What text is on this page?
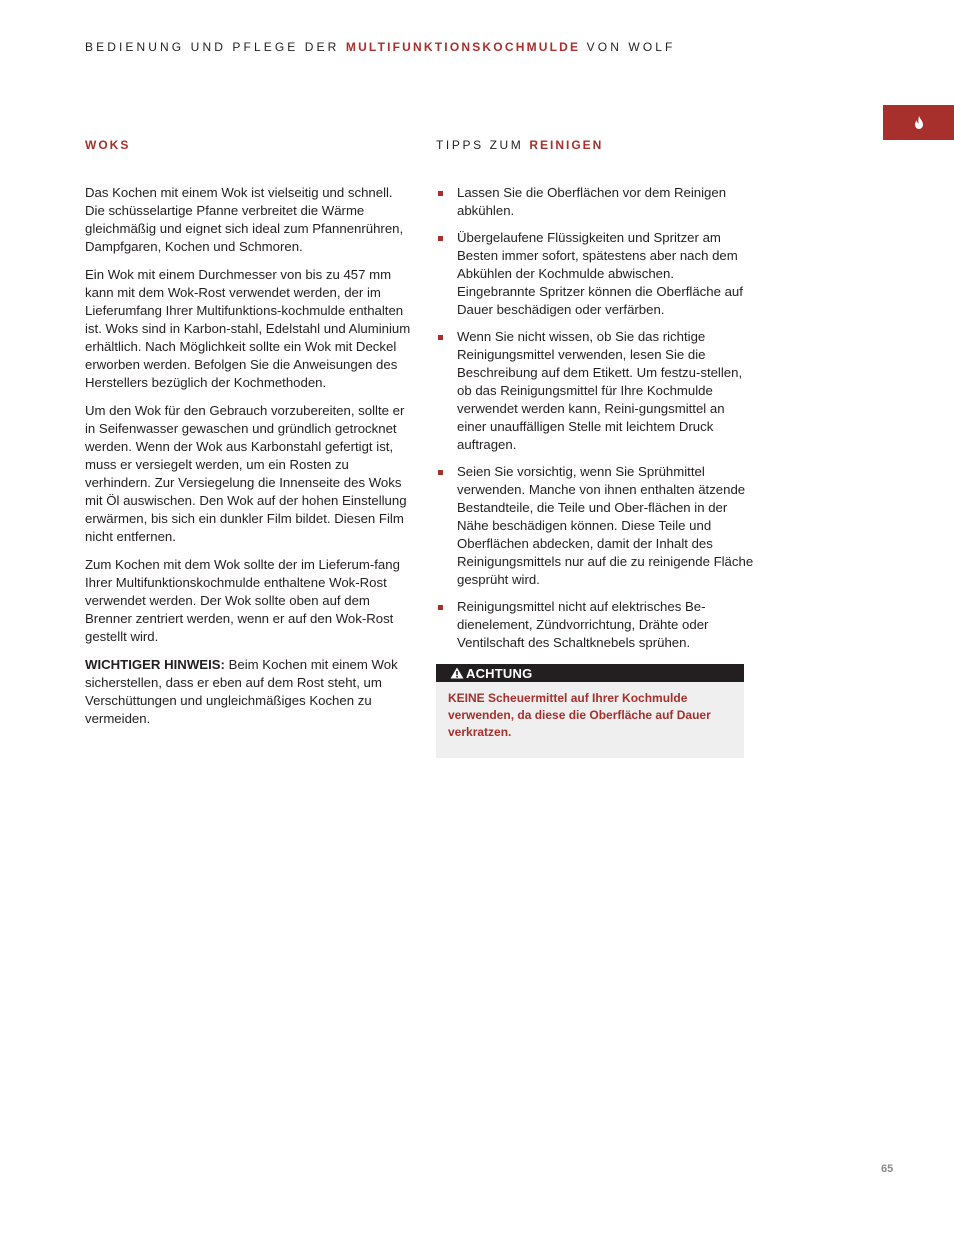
BEDIENUNG UND PFLEGE DER MULTIFUNKTIONSKOCHMULDE VON WOLF
WOKS

Das Kochen mit einem Wok ist vielseitig und schnell. Die schüsselartige Pfanne verbreitet die Wärme gleichmäßig und eignet sich ideal zum Pfannenrühren, Dampfgaren, Kochen und Schmoren.

Ein Wok mit einem Durchmesser von bis zu 457 mm kann mit dem Wok-Rost verwendet werden, der im Lieferumfang Ihrer Multifunktions-kochmulde enthalten ist. Woks sind in Karbon-stahl, Edelstahl und Aluminium erhältlich. Nach Möglichkeit sollte ein Wok mit Deckel erworben werden. Befolgen Sie die Anweisungen des Herstellers bezüglich der Kochmethoden.

Um den Wok für den Gebrauch vorzubereiten, sollte er in Seifenwasser gewaschen und gründlich getrocknet werden. Wenn der Wok aus Karbonstahl gefertigt ist, muss er versiegelt werden, um ein Rosten zu verhindern. Zur Versiegelung die Innenseite des Woks mit Öl auswischen. Den Wok auf der hohen Einstellung erwärmen, bis sich ein dunkler Film bildet. Diesen Film nicht entfernen.

Zum Kochen mit dem Wok sollte der im Lieferum-fang Ihrer Multifunktionskochmulde enthaltene Wok-Rost verwendet werden. Der Wok sollte oben auf dem Brenner zentriert werden, wenn er auf den Wok-Rost gestellt wird.

WICHTIGER HINWEIS: Beim Kochen mit einem Wok sicherstellen, dass er eben auf dem Rost steht, um Verschüttungen und ungleichmäßiges Kochen zu vermeiden.

TIPPS ZUM REINIGEN
Lassen Sie die Oberflächen vor dem Reinigen abkühlen.
Übergelaufene Flüssigkeiten und Spritzer am Besten immer sofort, spätestens aber nach dem Abkühlen der Kochmulde abwischen. Eingebrannte Spritzer können die Oberfläche auf Dauer beschädigen oder verfärben.
Wenn Sie nicht wissen, ob Sie das richtige Reinigungsmittel verwenden, lesen Sie die Beschreibung auf dem Etikett. Um festzu-stellen, ob das Reinigungsmittel für Ihre Kochmulde verwendet werden kann, Reini-gungsmittel an einer unauffälligen Stelle mit leichtem Druck auftragen.
Seien Sie vorsichtig, wenn Sie Sprühmittel verwenden. Manche von ihnen enthalten ätzende Bestandteile, die Teile und Ober-flächen in der Nähe beschädigen können. Diese Teile und Oberflächen abdecken, damit der Inhalt des Reinigungsmittels nur auf die zu reinigende Fläche gesprüht wird.
Reinigungsmittel nicht auf elektrisches Be-dienelement, Zündvorrichtung, Drähte oder Ventilschaft des Schaltknebels sprühen.
ACHTUNG
KEINE Scheuermittel auf Ihrer Kochmulde verwenden, da diese die Oberfläche auf Dauer verkratzen.
65
